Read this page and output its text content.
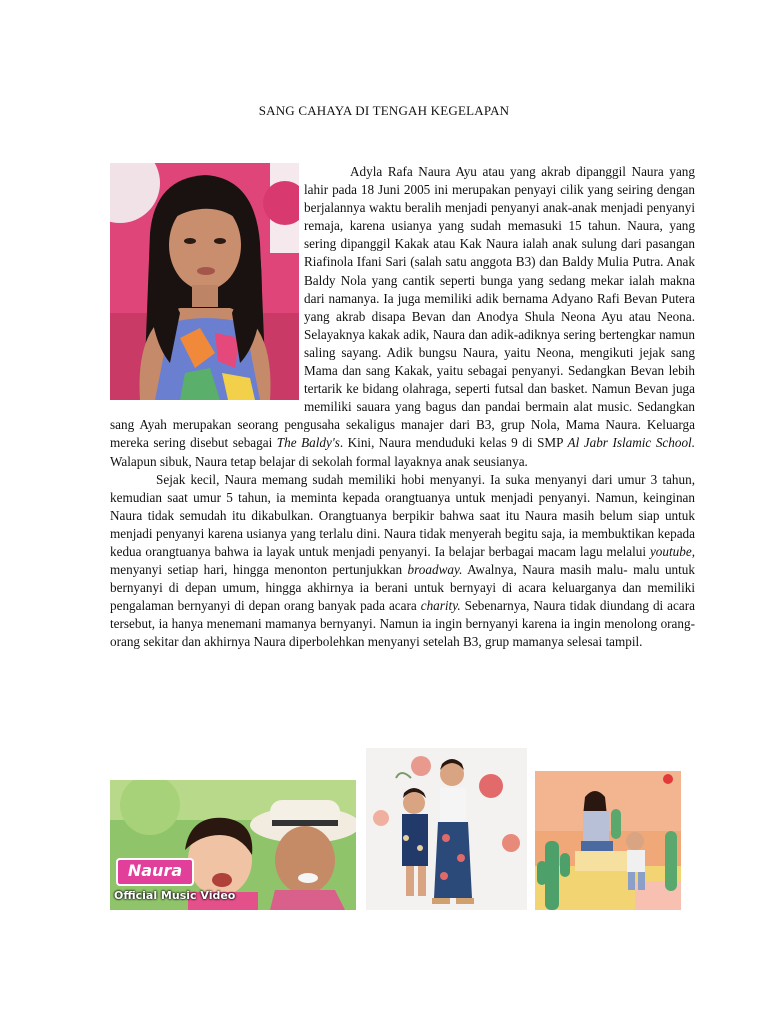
SANG CAHAYA DI TENGAH KEGELAPAN

Adyla Rafa Naura Ayu atau yang akrab dipanggil Naura yang lahir pada 18 Juni 2005 ini merupakan penyayi cilik yang seiring dengan berjalannya waktu beralih menjadi penyanyi anak-anak menjadi penyanyi remaja, karena usianya yang sudah memasuki 15 tahun. Naura, yang sering dipanggil Kakak atau Kak Naura ialah anak sulung dari pasangan Riafinola Ifani Sari (salah satu anggota B3) dan Baldy Mulia Putra. Anak Baldy Nola yang cantik seperti bunga yang sedang mekar ialah makna dari namanya. Ia juga memiliki adik bernama Adyano Rafi Bevan Putera yang akrab disapa Bevan dan Anodya Shula Neona Ayu atau Neona. Selayaknya kakak adik, Naura dan adik-adiknya sering bertengkar namun saling sayang. Adik bungsu Naura, yaitu Neona, mengikuti jejak sang Mama dan sang Kakak, yaitu sebagai penyanyi. Sedangkan Bevan lebih tertarik ke bidang olahraga, seperti futsal dan basket. Namun Bevan juga memiliki sauara yang bagus dan pandai bermain alat music. Sedangkan sang Ayah merupakan seorang pengusaha sekaligus manajer dari B3, grup Nola, Mama Naura. Keluarga mereka sering disebut sebagai The Baldy's. Kini, Naura menduduki kelas 9 di SMP Al Jabr Islamic School. Walapun sibuk, Naura tetap belajar di sekolah formal layaknya anak seusianya.

Sejak kecil, Naura memang sudah memiliki hobi menyanyi. Ia suka menyanyi dari umur 3 tahun, kemudian saat umur 5 tahun, ia meminta kepada orangtuanya untuk menjadi penyanyi. Namun, keinginan Naura tidak semudah itu dikabulkan. Orangtuanya berpikir bahwa saat itu Naura masih belum siap untuk menjadi penyanyi karena usianya yang terlalu dini. Naura tidak menyerah begitu saja, ia membuktikan kepada kedua orangtuanya bahwa ia layak untuk menjadi penyanyi. Ia belajar berbagai macam lagu melalui youtube, menyanyi setiap hari, hingga menonton pertunjukkan broadway. Awalnya, Naura masih malu- malu untuk bernyanyi di depan umum, hingga akhirnya ia berani untuk bernyayi di acara keluarganya dan memiliki pengalaman bernyanyi di depan orang banyak pada acara charity. Sebenarnya, Naura tidak diundang di acara tersebut, ia hanya menemani mamanya bernyanyi. Namun ia ingin bernyanyi karena ia ingin menolong orang- orang sekitar dan akhirnya Naura diperbolehkan menyanyi setelah B3, grup mamanya selesai tampil.

Naura
Official Music Video
